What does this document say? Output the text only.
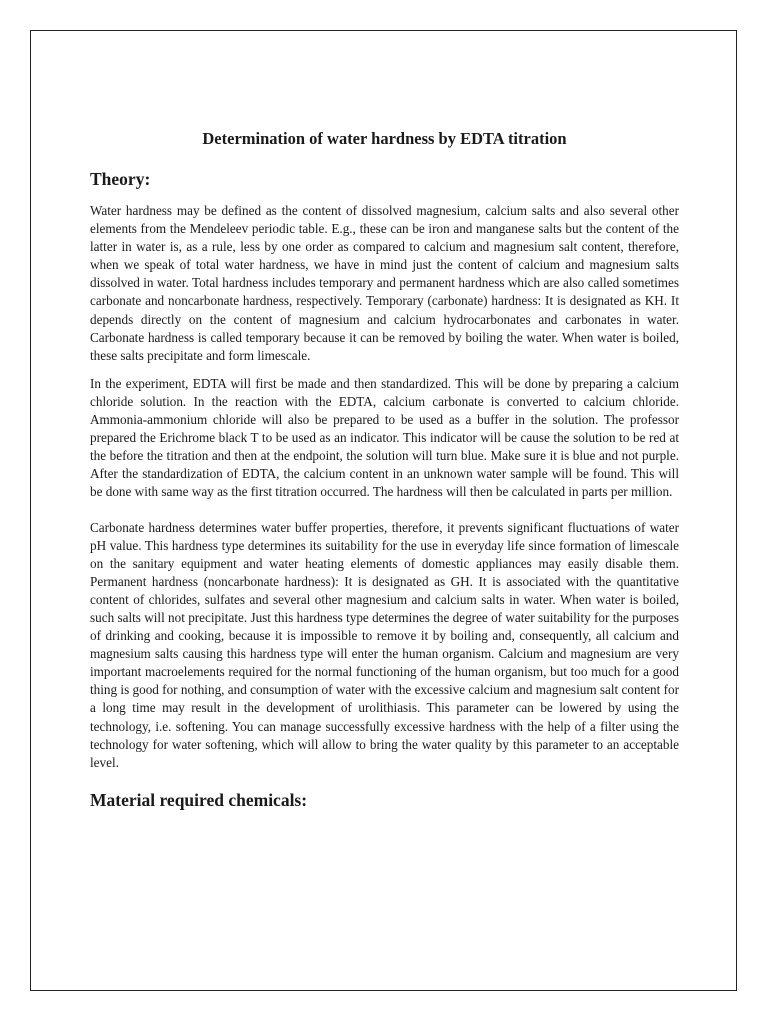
Determination of water hardness by EDTA titration
Theory:

Water hardness may be defined as the content of dissolved magnesium, calcium salts and also several other elements from the Mendeleev periodic table. E.g., these can be iron and manganese salts but the content of the latter in water is, as a rule, less by one order as compared to calcium and magnesium salt content, therefore, when we speak of total water hardness, we have in mind just the content of calcium and magnesium salts dissolved in water. Total hardness includes temporary and permanent hardness which are also called sometimes carbonate and noncarbonate hardness, respectively. Temporary (carbonate) hardness: It is designated as KH. It depends directly on the content of magnesium and calcium hydrocarbonates and carbonates in water. Carbonate hardness is called temporary because it can be removed by boiling the water. When water is boiled, these salts precipitate and form limescale.

In the experiment, EDTA will first be made and then standardized. This will be done by preparing a calcium chloride solution. In the reaction with the EDTA, calcium carbonate is converted to calcium chloride. Ammonia-ammonium chloride will also be prepared to be used as a buffer in the solution. The professor prepared the Erichrome black T to be used as an indicator. This indicator will be cause the solution to be red at the before the titration and then at the endpoint, the solution will turn blue. Make sure it is blue and not purple. After the standardization of EDTA, the calcium content in an unknown water sample will be found. This will be done with same way as the first titration occurred. The hardness will then be calculated in parts per million.

Carbonate hardness determines water buffer properties, therefore, it prevents significant fluctuations of water pH value. This hardness type determines its suitability for the use in everyday life since formation of limescale on the sanitary equipment and water heating elements of domestic appliances may easily disable them. Permanent hardness (noncarbonate hardness): It is designated as GH. It is associated with the quantitative content of chlorides, sulfates and several other magnesium and calcium salts in water. When water is boiled, such salts will not precipitate. Just this hardness type determines the degree of water suitability for the purposes of drinking and cooking, because it is impossible to remove it by boiling and, consequently, all calcium and magnesium salts causing this hardness type will enter the human organism. Calcium and magnesium are very important macroelements required for the normal functioning of the human organism, but too much for a good thing is good for nothing, and consumption of water with the excessive calcium and magnesium salt content for a long time may result in the development of urolithiasis. This parameter can be lowered by using the technology, i.e. softening. You can manage successfully excessive hardness with the help of a filter using the technology for water softening, which will allow to bring the water quality by this parameter to an acceptable level.

Material required chemicals:
